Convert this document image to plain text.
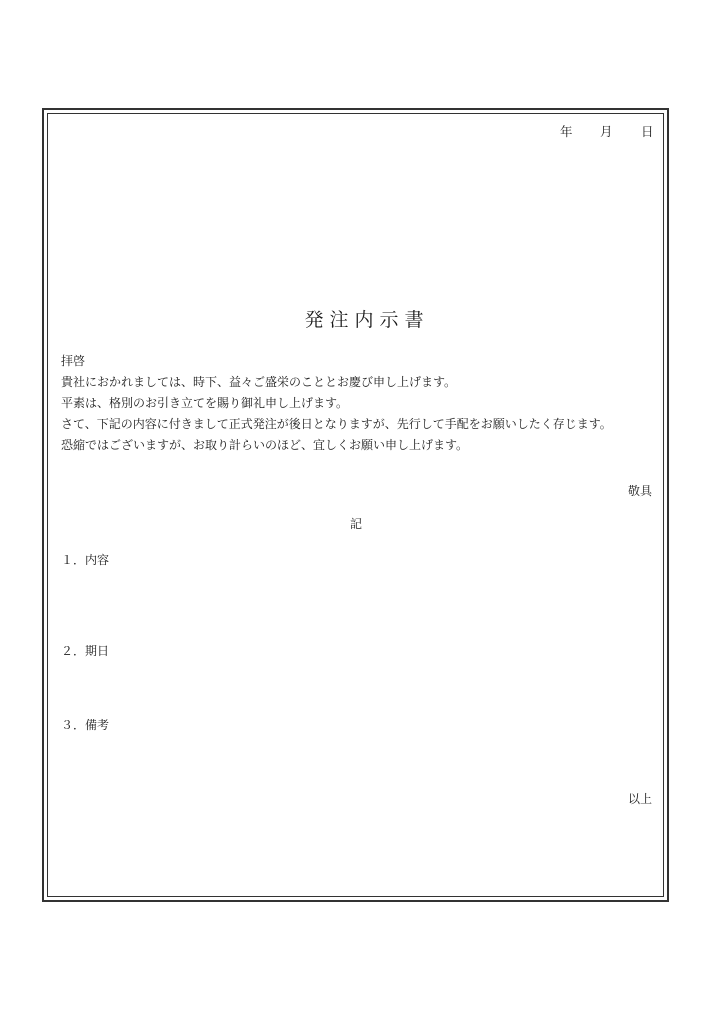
年 月 日
発注内示書
拝啓
貴社におかれましては、時下、益々ご盛栄のこととお慶び申し上げます。
平素は、格別のお引き立てを賜り御礼申し上げます。
さて、下記の内容に付きまして正式発注が後日となりますが、先行して手配をお願いしたく存じます。
恐縮ではございますが、お取り計らいのほど、宜しくお願い申し上げます。
敬具
記
１．内容
２．期日
３．備考
以上
